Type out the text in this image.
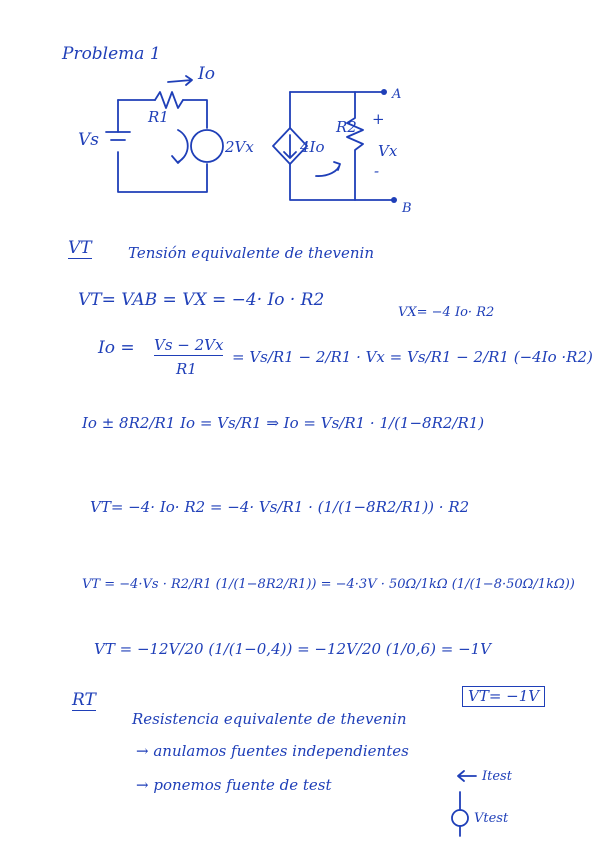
Problema 1
Io
R1
Vs	2Vx	4Io
R2 +
-
Vx
A
B
VT Tensión equivalente de thevenin
VT= VAB = VX = −4· Io · R2
VX= −4 Io· R2
Io = Vs − 2Vx
R1
= Vs/R1 − 2/R1 · Vx = Vs/R1 − 2/R1 (−4Io ·R2)
Io ± 8R2/R1 Io = Vs/R1 ⇒ Io = Vs/R1 · 1/(1−8R2/R1)
VT= −4· Io· R2 = −4· Vs/R1 · (1/(1−8R2/R1)) · R2
VT = −4·Vs · R2/R1 (1/(1−8R2/R1)) = −4·3V · 50Ω/1kΩ (1/(1−8·50Ω/1kΩ))
VT = −12V/20 (1/(1−0,4)) = −12V/20 (1/0,6) = −1V
VT= −1V
RT
Resistencia equivalente de thevenin
→ anulamos fuentes independientes
→ ponemos fuente de test	Itest
Vtest
